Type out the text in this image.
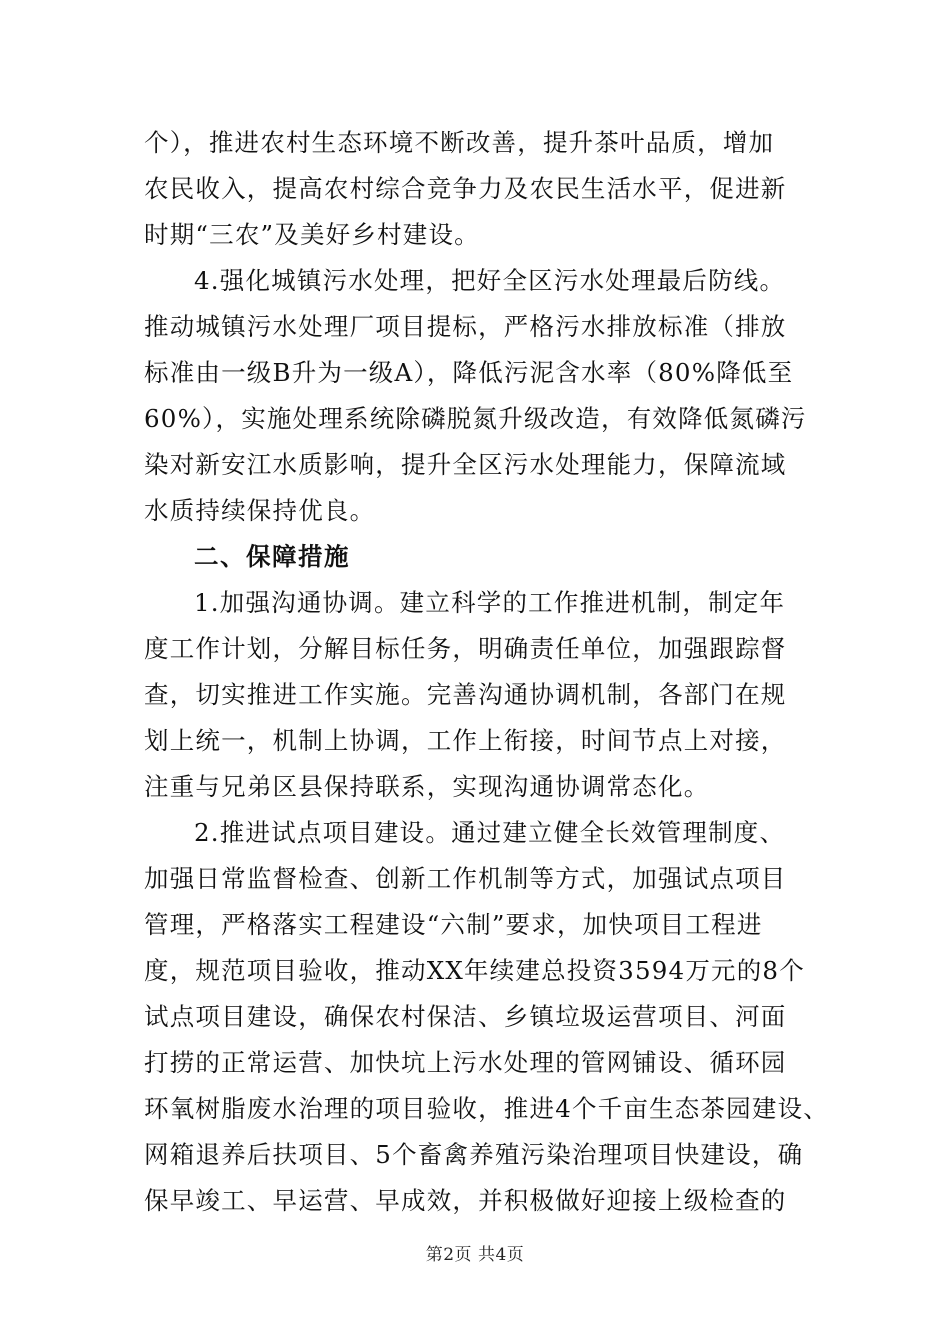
个），推进农村生态环境不断改善，提升茶叶品质，增加
农民收入，提高农村综合竞争力及农民生活水平，促进新
时期“三农”及美好乡村建设。
4.强化城镇污水处理，把好全区污水处理最后防线。
推动城镇污水处理厂项目提标，严格污水排放标准（排放
标准由一级B升为一级A），降低污泥含水率（80%降低至
60%），实施处理系统除磷脱氮升级改造，有效降低氮磷污
染对新安江水质影响，提升全区污水处理能力，保障流域
水质持续保持优良。
二、保障措施
1.加强沟通协调。建立科学的工作推进机制，制定年
度工作计划，分解目标任务，明确责任单位，加强跟踪督
查，切实推进工作实施。完善沟通协调机制，各部门在规
划上统一，机制上协调，工作上衔接，时间节点上对接，
注重与兄弟区县保持联系，实现沟通协调常态化。
2.推进试点项目建设。通过建立健全长效管理制度、
加强日常监督检查、创新工作机制等方式，加强试点项目
管理，严格落实工程建设“六制”要求，加快项目工程进
度，规范项目验收，推动XX年续建总投资3594万元的8个
试点项目建设，确保农村保洁、乡镇垃圾运营项目、河面
打捞的正常运营、加快坑上污水处理的管网铺设、循环园
环氧树脂废水治理的项目验收，推进4个千亩生态茶园建设、
网箱退养后扶项目、5个畜禽养殖污染治理项目快建设，确
保早竣工、早运营、早成效，并积极做好迎接上级检查的
第2页 共4页
